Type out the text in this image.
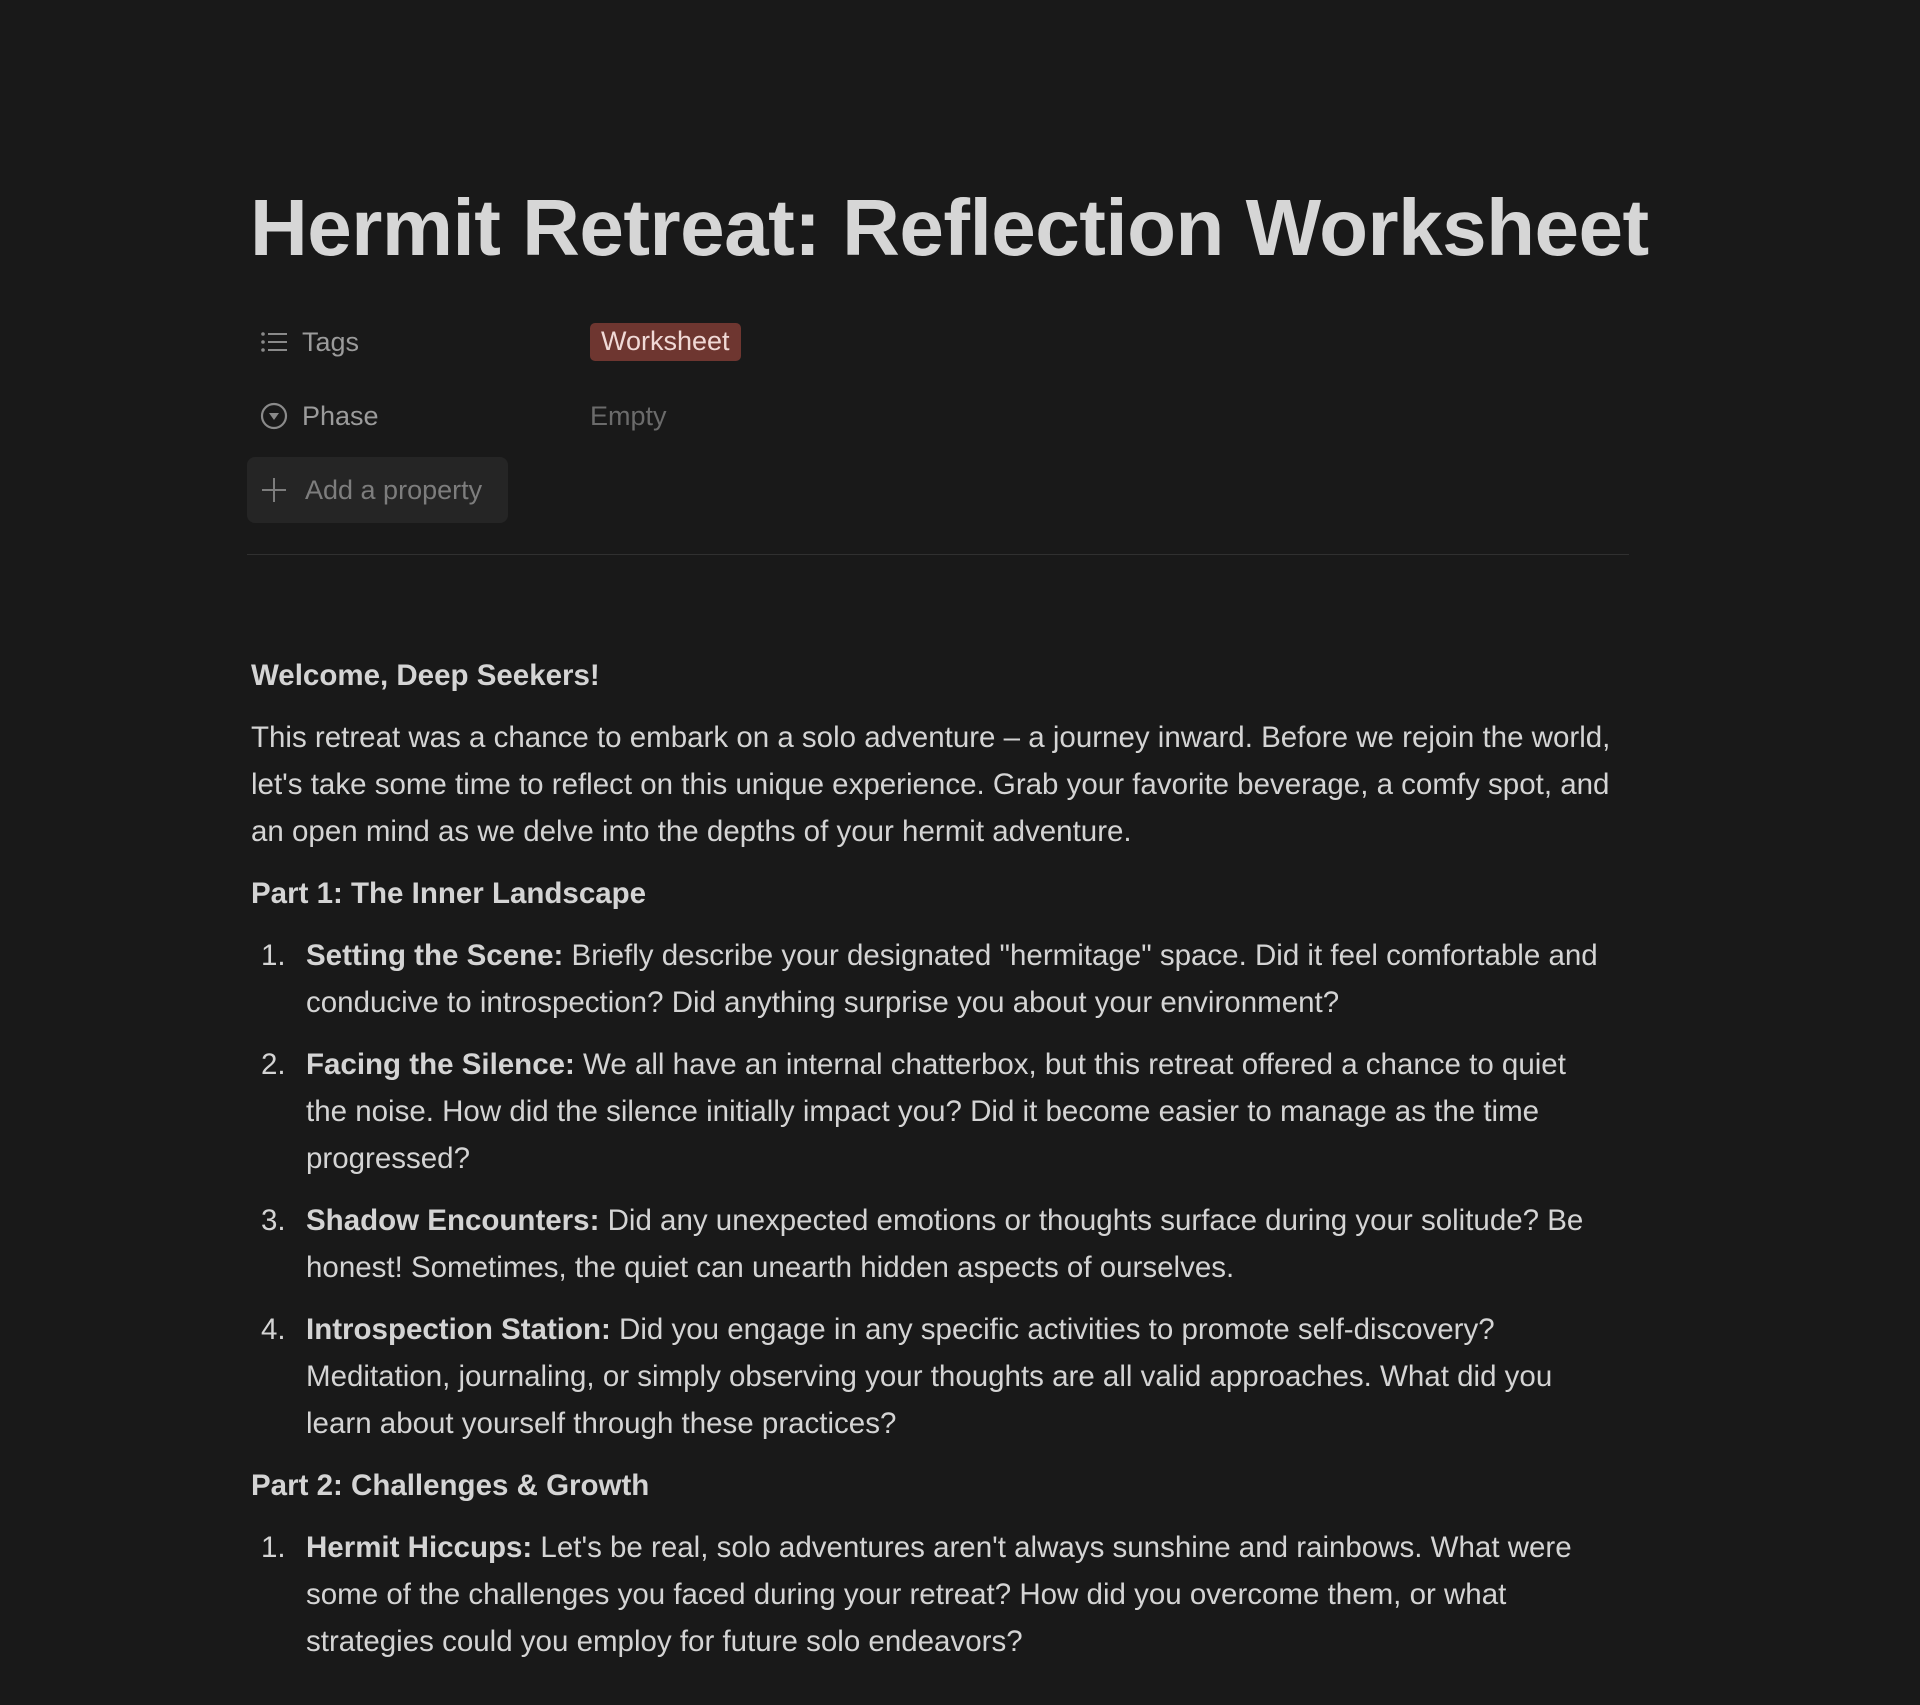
Hermit Retreat: Reflection Worksheet
Tags	Worksheet
Phase	Empty
Add a property

Welcome, Deep Seekers!

This retreat was a chance to embark on a solo adventure – a journey inward. Before we rejoin the world, let's take some time to reflect on this unique experience. Grab your favorite beverage, a comfy spot, and an open mind as we delve into the depths of your hermit adventure.

Part 1: The Inner Landscape

1. Setting the Scene: Briefly describe your designated "hermitage" space. Did it feel comfortable and conducive to introspection? Did anything surprise you about your environment?
2. Facing the Silence: We all have an internal chatterbox, but this retreat offered a chance to quiet the noise. How did the silence initially impact you? Did it become easier to manage as the time progressed?
3. Shadow Encounters: Did any unexpected emotions or thoughts surface during your solitude? Be honest! Sometimes, the quiet can unearth hidden aspects of ourselves.
4. Introspection Station: Did you engage in any specific activities to promote self-discovery? Meditation, journaling, or simply observing your thoughts are all valid approaches. What did you learn about yourself through these practices?

Part 2: Challenges & Growth

1. Hermit Hiccups: Let's be real, solo adventures aren't always sunshine and rainbows. What were some of the challenges you faced during your retreat? How did you overcome them, or what strategies could you employ for future solo endeavors?
